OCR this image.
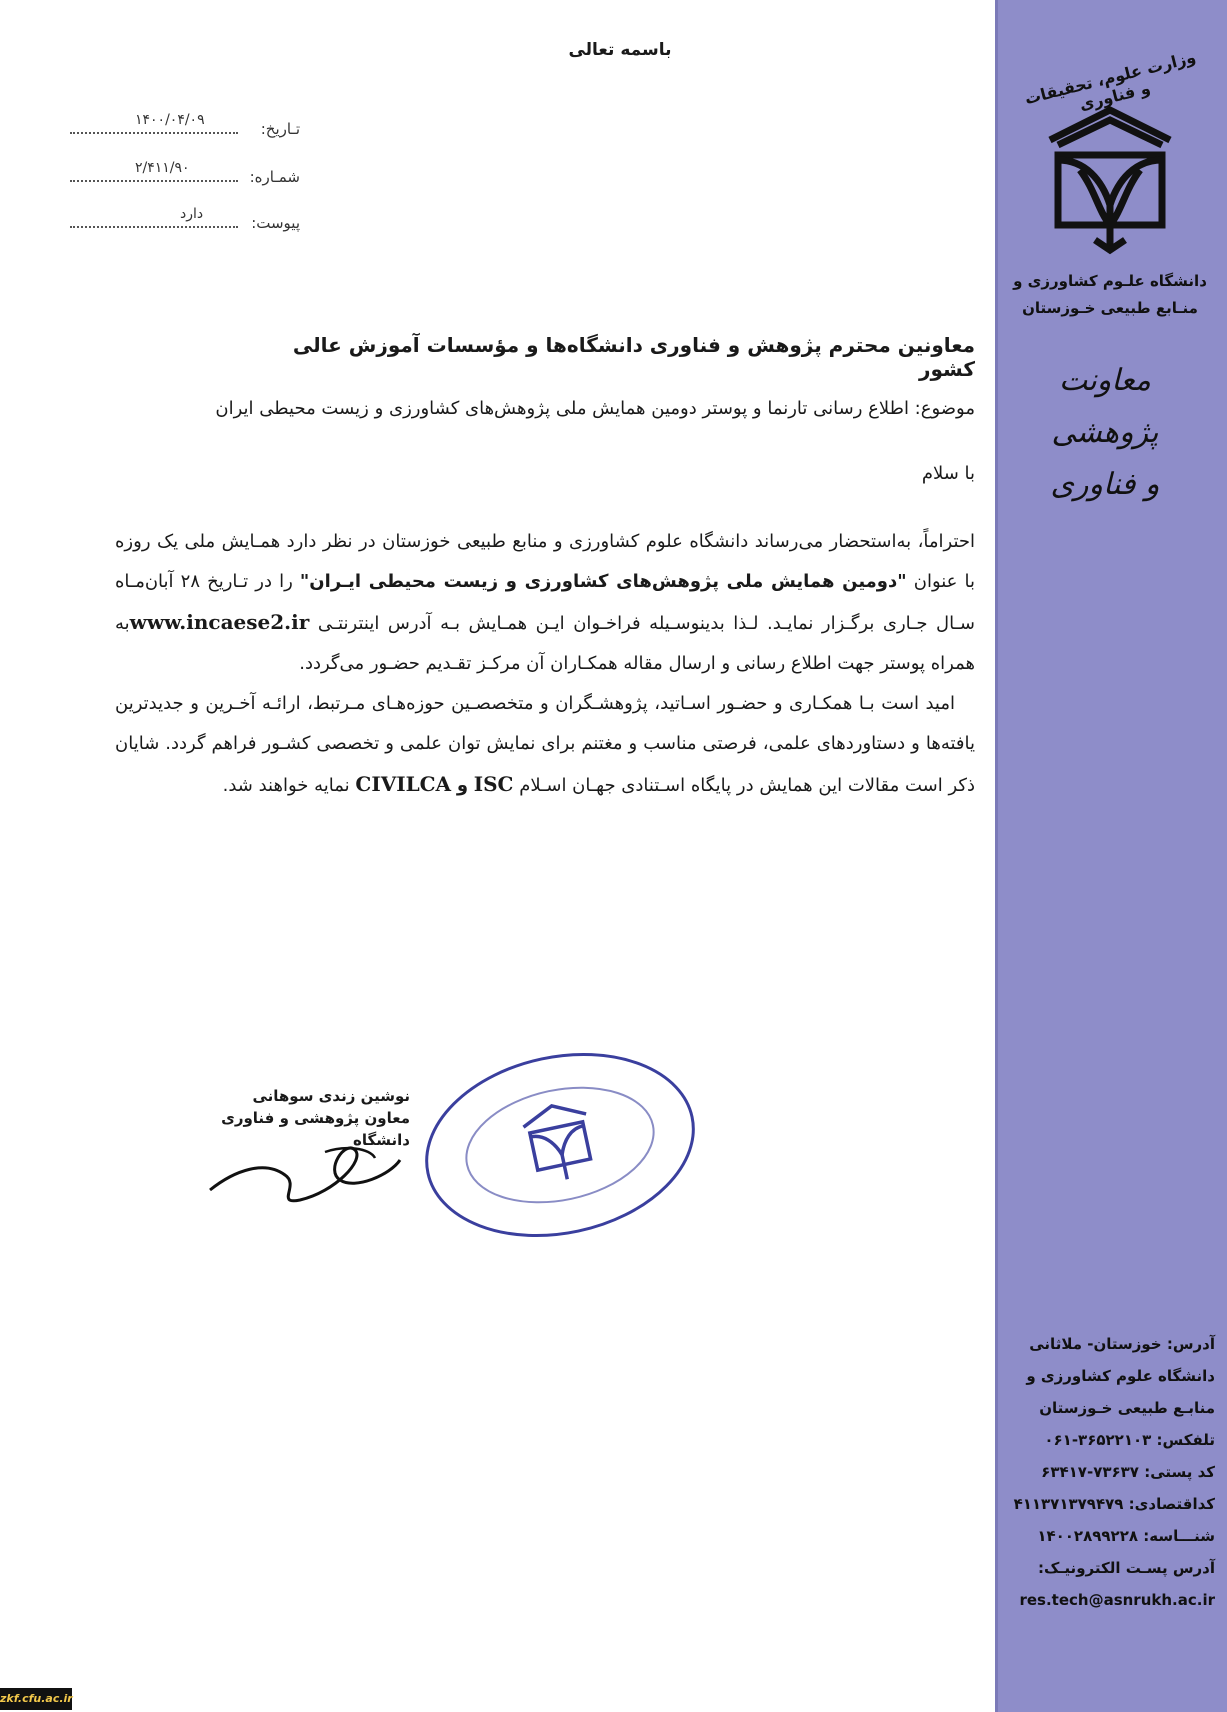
وزارت علوم، تحقیقات و فناوری
دانشگاه علـوم کشاورزی و
منـابع طبیعی خـوزستان
معاونت پژوهشی
و فناوری
آدرس: خوزستان- ملاثانی
دانشگاه علوم کشاورزی و
منابـع طبیعی خـوزستان
تلفکس: ۳۶۵۲۲۱۰۳-۰۶۱
کد پستی: ۷۳۶۳۷-۶۳۴۱۷
کداقتصادی: ۴۱۱۳۷۱۳۷۹۴۷۹
شنـــاسه: ۱۴۰۰۲۸۹۹۲۲۸
آدرس پسـت الکترونیـک:
res.tech@asnrukh.ac.ir
باسمه تعالی
تـاریخ:
۱۴۰۰/۰۴/۰۹
شمـاره:
۲/۴۱۱/۹۰
پیوست:
دارد
معاونین محترم پژوهش و فناوری دانشگاه‌ها و مؤسسات آموزش عالی کشور
موضوع: اطلاع رسانی تارنما و پوستر دومین همایش ملی پژوهش‌های کشاورزی و زیست محیطی ایران
با سلام

احتراماً، به‌استحضار می‌رساند دانشگاه علوم کشاورزی و منابع طبیعی خوزستان در نظر دارد همـایش ملی یک روزه با عنوان "دومین همایش ملی پژوهش‌های کشاورزی و زیست محیطی ایـران" را در تـاریخ ۲۸ آبان‌مـاه سـال جـاری برگـزار نمایـد. لـذا بدینوسـیله فراخـوان ایـن همـایش بـه آدرس اینترنتـی www.incaese2.irبه همراه پوستر جهت اطلاع رسانی و ارسال مقاله همکـاران آن مرکـز تقـدیم حضـور می‌گردد.

امید است بـا همکـاری و حضـور اسـاتید، پژوهشـگران و متخصصـین حوزه‌هـای مـرتبط، ارائـه آخـرین و جدیدترین یافته‌ها و دستاوردهای علمی، فرصتی مناسب و مغتنم برای نمایش توان علمی و تخصصی کشـور فراهم گردد. شایان ذکر است مقالات این همایش در پایگاه اسـتنادی جهـان اسـلام ISC و CIVILCA نمایه خواهند شد.

نوشین زندی سوهانی
معاون پژوهشی و فناوری دانشگاه
zkf.cfu.ac.ir
